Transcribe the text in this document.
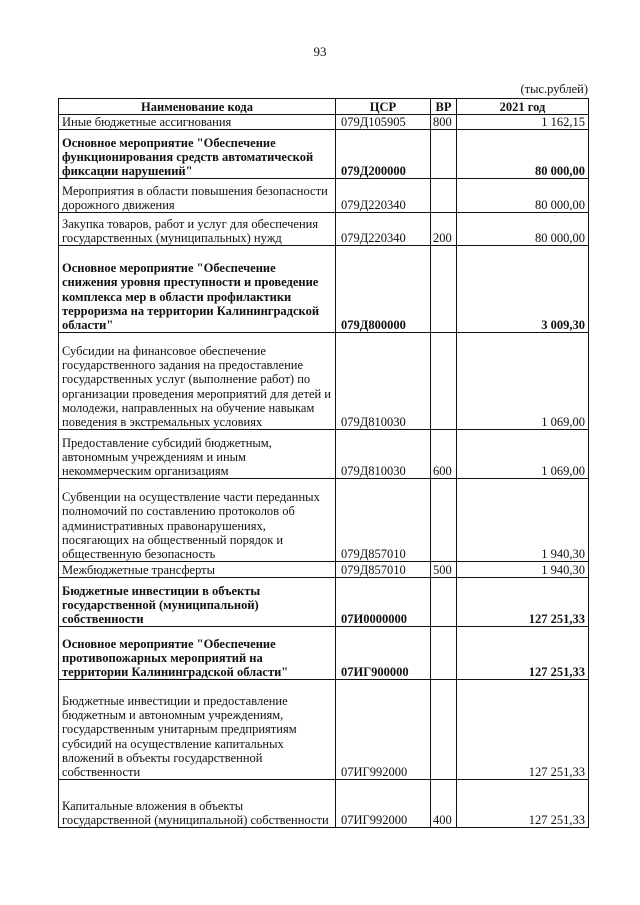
93
(тыс.рублей)
Наименование кода	ЦСР	ВР	2021 год
Иные бюджетные ассигнования	079Д105905	800	1 162,15
Основное мероприятие "Обеспечение функционирования средств автоматической фиксации нарушений"	079Д200000		80 000,00
Мероприятия в области повышения безопасности дорожного движения	079Д220340		80 000,00
Закупка товаров, работ и услуг для обеспечения государственных (муниципальных) нужд	079Д220340	200	80 000,00
Основное мероприятие "Обеспечение снижения уровня преступности и проведение комплекса мер в области профилактики терроризма на территории Калининградской области"	079Д800000		3 009,30
Субсидии на финансовое обеспечение государственного задания на предоставление государственных услуг (выполнение работ) по организации проведения мероприятий для детей и молодежи, направленных на обучение навыкам поведения в экстремальных условиях	079Д810030		1 069,00
Предоставление субсидий бюджетным, автономным учреждениям и иным некоммерческим организациям	079Д810030	600	1 069,00
Субвенции на осуществление части переданных полномочий по составлению протоколов об административных правонарушениях, посягающих на общественный порядок и общественную безопасность	079Д857010		1 940,30
Межбюджетные трансферты	079Д857010	500	1 940,30
Бюджетные инвестиции в объекты государственной (муниципальной) собственности	07И0000000		127 251,33
Основное мероприятие "Обеспечение противопожарных мероприятий на территории Калининградской области"	07ИГ900000		127 251,33
Бюджетные инвестиции и предоставление бюджетным и автономным учреждениям, государственным унитарным предприятиям субсидий на осуществление капитальных вложений в объекты государственной собственности	07ИГ992000		127 251,33
Капитальные вложения в объекты государственной (муниципальной) собственности	07ИГ992000	400	127 251,33
